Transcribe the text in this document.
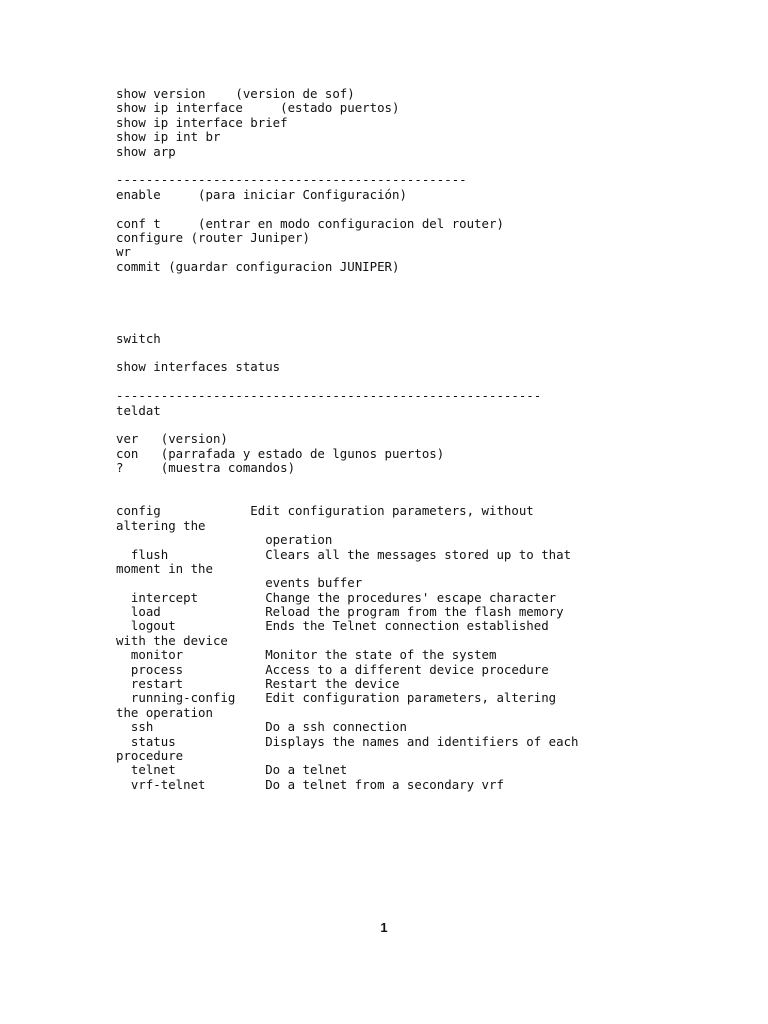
show version    (version de sof)
show ip interface     (estado puertos)
show ip interface brief
show ip int br
show arp
-----------------------------------------------
enable     (para iniciar Configuración)
conf t     (entrar en modo configuracion del router)
configure (router Juniper)
wr
commit (guardar configuracion JUNIPER)
switch
show interfaces status
---------------------------------------------------------
teldat
ver   (version)
con   (parrafada y estado de lgunos puertos)
?     (muestra comandos)
config            Edit configuration parameters, without
altering the
operation
flush             Clears all the messages stored up to that
moment in the
events buffer
intercept         Change the procedures' escape character
load              Reload the program from the flash memory
logout            Ends the Telnet connection established
with the device
monitor           Monitor the state of the system
process           Access to a different device procedure
restart           Restart the device
running-config    Edit configuration parameters, altering
the operation
ssh               Do a ssh connection
status            Displays the names and identifiers of each
procedure
telnet            Do a telnet
vrf-telnet        Do a telnet from a secondary vrf
1
